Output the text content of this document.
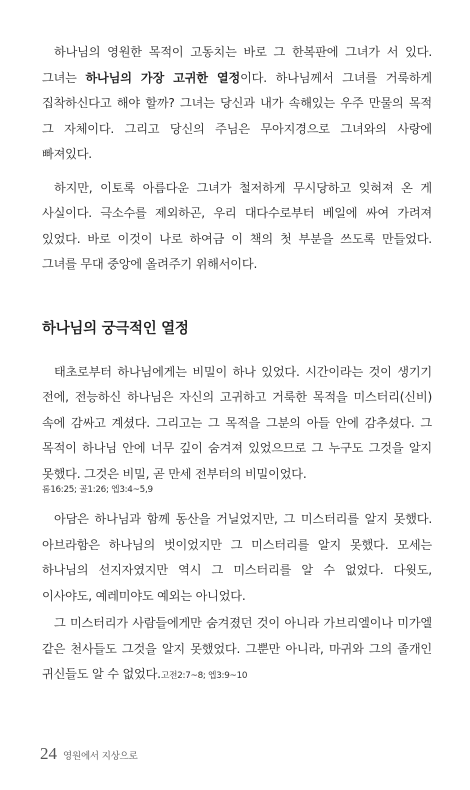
하나님의 영원한 목적이 고동치는 바로 그 한복판에 그녀가 서 있다. 그녀는 하나님의 가장 고귀한 열정이다. 하나님께서 그녀를 거룩하게 집착하신다고 해야 할까? 그녀는 당신과 내가 속해있는 우주 만물의 목적 그 자체이다. 그리고 당신의 주님은 무아지경으로 그녀와의 사랑에 빠져있다.

하지만, 이토록 아름다운 그녀가 철저하게 무시당하고 잊혀져 온 게 사실이다. 극소수를 제외하곤, 우리 대다수로부터 베일에 싸여 가려져 있었다. 바로 이것이 나로 하여금 이 책의 첫 부분을 쓰도록 만들었다. 그녀를 무대 중앙에 올려주기 위해서이다.

하나님의 궁극적인 열정

태초로부터 하나님에게는 비밀이 하나 있었다. 시간이라는 것이 생기기 전에, 전능하신 하나님은 자신의 고귀하고 거룩한 목적을 미스터리(신비) 속에 감싸고 계셨다. 그리고는 그 목적을 그분의 아들 안에 감추셨다. 그 목적이 하나님 안에 너무 깊이 숨겨져 있었으므로 그 누구도 그것을 알지 못했다. 그것은 비밀, 곧 만세 전부터의 비밀이었다.

롬16:25; 골1:26; 엡3:4~5,9

아담은 하나님과 함께 동산을 거닐었지만, 그 미스터리를 알지 못했다. 아브라함은 하나님의 벗이었지만 그 미스터리를 알지 못했다. 모세는 하나님의 선지자였지만 역시 그 미스터리를 알 수 없었다. 다윗도, 이사야도, 예레미야도 예외는 아니었다.

그 미스터리가 사람들에게만 숨겨졌던 것이 아니라 가브리엘이나 미가엘 같은 천사들도 그것을 알지 못했었다. 그뿐만 아니라, 마귀와 그의 졸개인 귀신들도 알 수 없었다.고전2:7~8; 엡3:9~10

24 영원에서 지상으로
